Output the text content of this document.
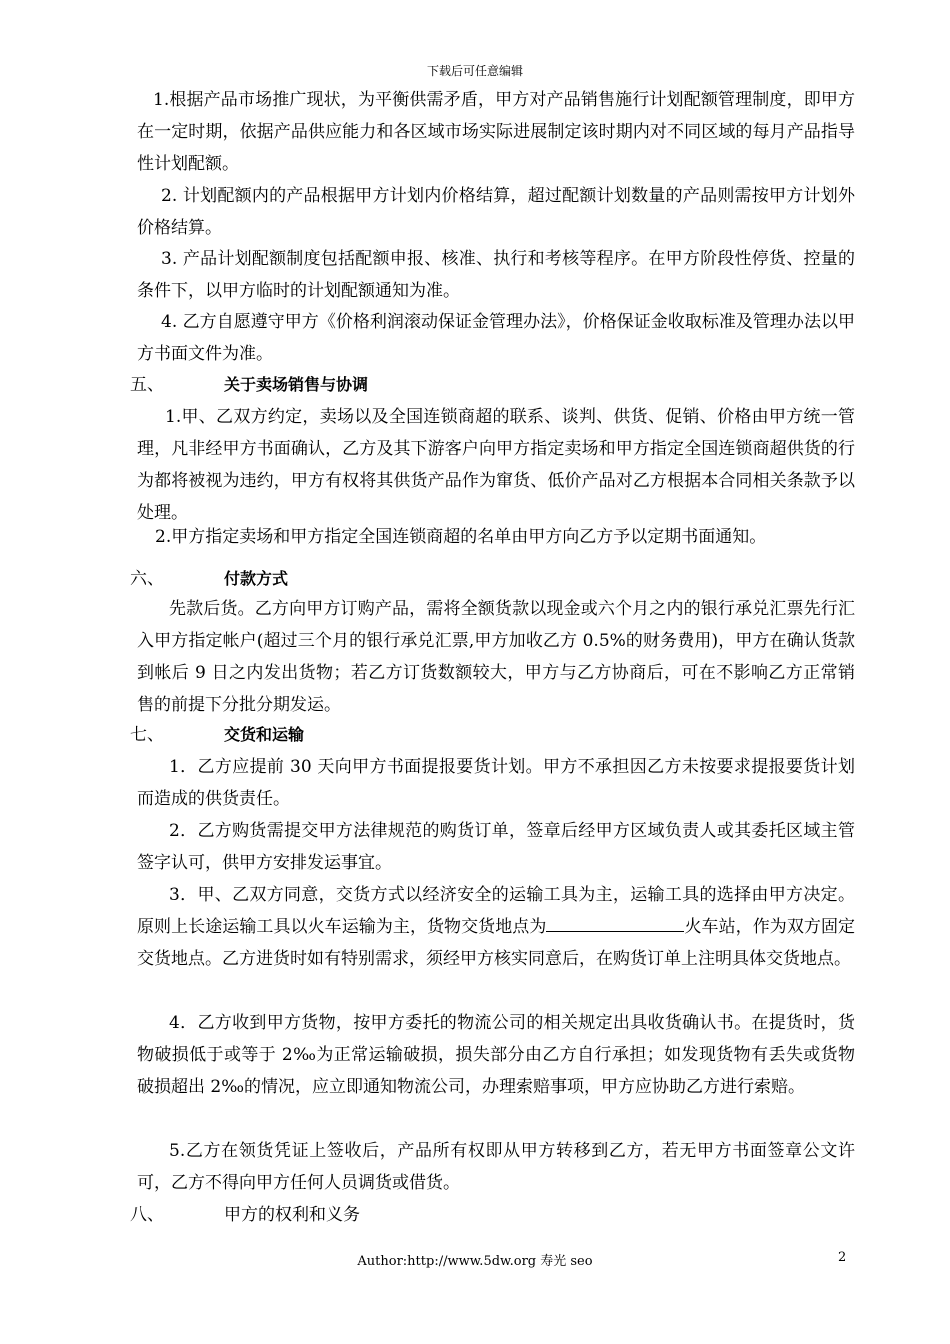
下载后可任意编辑

1.根据产品市场推广现状，为平衡供需矛盾，甲方对产品销售施行计划配额管理制度，即甲方在一定时期，依据产品供应能力和各区域市场实际进展制定该时期内对不同区域的每月产品指导性计划配额。

2. 计划配额内的产品根据甲方计划内价格结算，超过配额计划数量的产品则需按甲方计划外价格结算。

3. 产品计划配额制度包括配额申报、核准、执行和考核等程序。在甲方阶段性停货、控量的条件下，以甲方临时的计划配额通知为准。

4. 乙方自愿遵守甲方《价格利润滚动保证金管理办法》，价格保证金收取标准及管理办法以甲方书面文件为准。

五、	关于卖场销售与协调

1.甲、乙双方约定，卖场以及全国连锁商超的联系、谈判、供货、促销、价格由甲方统一管理，凡非经甲方书面确认，乙方及其下游客户向甲方指定卖场和甲方指定全国连锁商超供货的行为都将被视为违约，甲方有权将其供货产品作为窜货、低价产品对乙方根据本合同相关条款予以处理。

2.甲方指定卖场和甲方指定全国连锁商超的名单由甲方向乙方予以定期书面通知。

六、	付款方式

先款后货。乙方向甲方订购产品，需将全额货款以现金或六个月之内的银行承兑汇票先行汇入甲方指定帐户(超过三个月的银行承兑汇票,甲方加收乙方 0.5%的财务费用)，甲方在确认货款到帐后 9 日之内发出货物；若乙方订货数额较大，甲方与乙方协商后，可在不影响乙方正常销售的前提下分批分期发运。

七、	交货和运输

1．乙方应提前 30 天向甲方书面提报要货计划。甲方不承担因乙方未按要求提报要货计划而造成的供货责任。

2．乙方购货需提交甲方法律规范的购货订单，签章后经甲方区域负责人或其委托区域主管签字认可，供甲方安排发运事宜。

3．甲、乙双方同意，交货方式以经济安全的运输工具为主，运输工具的选择由甲方决定。原则上长途运输工具以火车运输为主，货物交货地点为	火车站，作为双方固定交货地点。乙方进货时如有特别需求，须经甲方核实同意后，在购货订单上注明具体交货地点。

4．乙方收到甲方货物，按甲方委托的物流公司的相关规定出具收货确认书。在提货时，货物破损低于或等于 2‰为正常运输破损，损失部分由乙方自行承担；如发现货物有丢失或货物破损超出 2‰的情况，应立即通知物流公司，办理索赔事项，甲方应协助乙方进行索赔。

5.乙方在领货凭证上签收后，产品所有权即从甲方转移到乙方，若无甲方书面签章公文许可，乙方不得向甲方任何人员调货或借货。

八、	甲方的权利和义务
Author:http://www.5dw.org 寿光 seo	2
